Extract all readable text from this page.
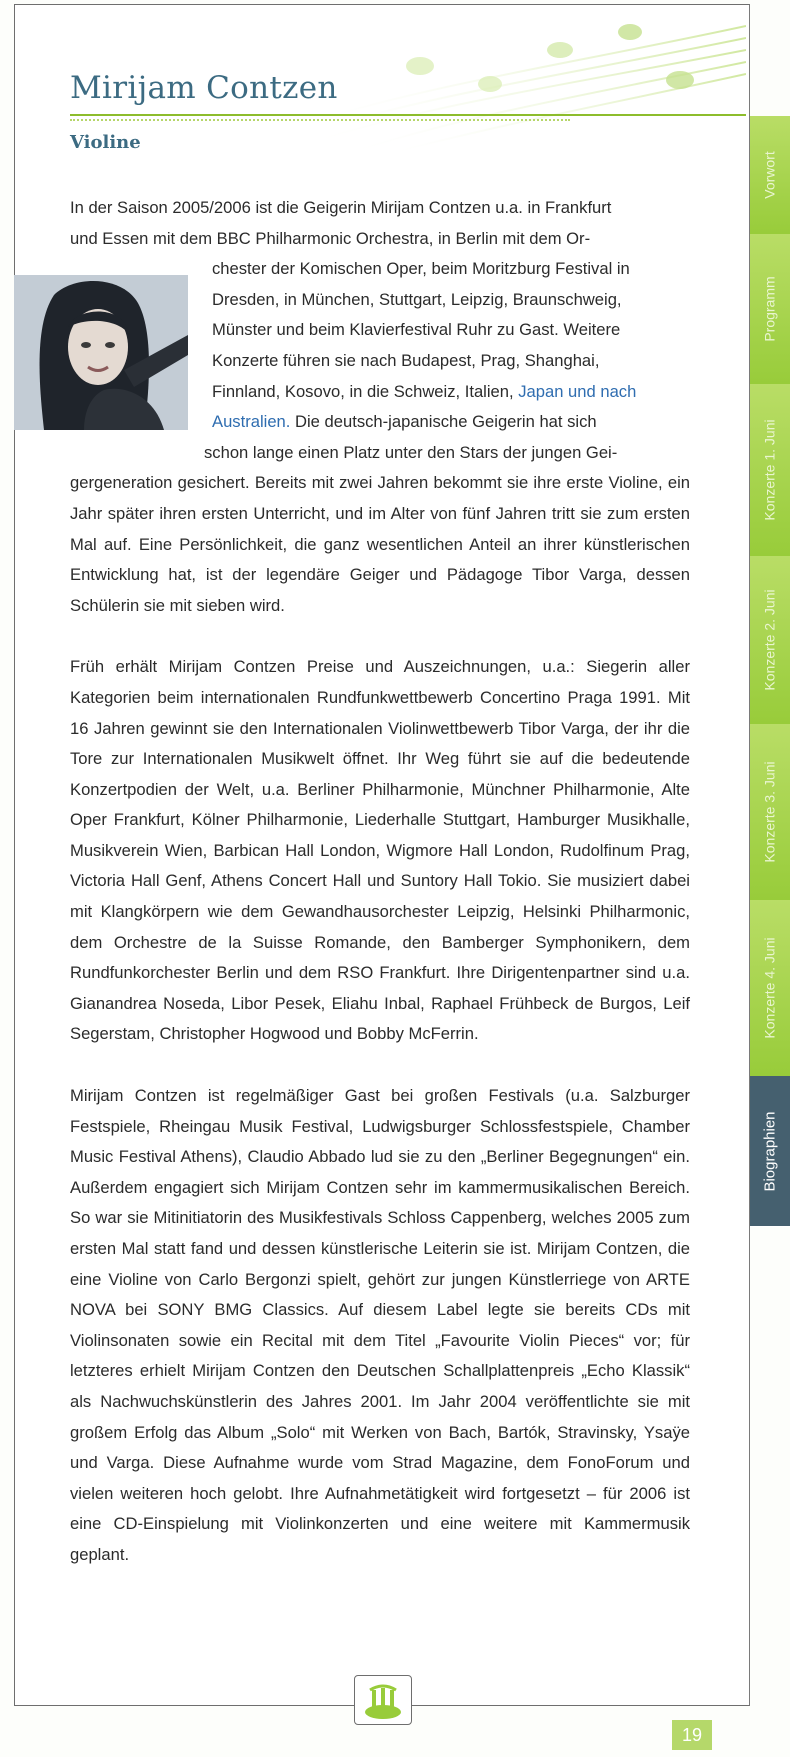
Mirijam Contzen
Violine

In der Saison 2005/2006 ist die Geigerin Mirijam Contzen u.a. in Frankfurt

und Essen mit dem BBC Philharmonic Orchestra, in Berlin mit dem Or-

chester der Komischen Oper, beim Moritzburg Festival in

Dresden, in München, Stuttgart, Leipzig, Braunschweig,

Münster und beim Klavierfestival Ruhr zu Gast. Weitere

Konzerte führen sie nach Budapest, Prag, Shanghai,

Finnland, Kosovo, in die Schweiz, Italien, Japan und nach

Australien. Die deutsch-japanische Geigerin hat sich

schon lange einen Platz unter den Stars der jungen Gei-

gergeneration gesichert. Bereits mit zwei Jahren bekommt sie ihre erste Violine, ein Jahr später ihren ersten Unterricht, und im Alter von fünf Jahren tritt sie zum ersten Mal auf. Eine Persönlichkeit, die ganz wesentlichen Anteil an ihrer künstlerischen Entwicklung hat, ist der legendäre Geiger und Pädagoge Tibor Varga, dessen Schülerin sie mit sieben wird.

Früh erhält Mirijam Contzen Preise und Auszeichnungen, u.a.: Siegerin aller Kategorien beim internationalen Rundfunkwettbewerb Concertino Praga 1991. Mit 16 Jahren gewinnt sie den Internationalen Violinwettbewerb Tibor Varga, der ihr die Tore zur Internationalen Musikwelt öffnet. Ihr Weg führt sie auf die bedeutende Konzertpodien der Welt, u.a. Berliner Philharmonie, Münchner Philharmonie, Alte Oper Frankfurt, Kölner Philharmonie, Liederhalle Stuttgart, Hamburger Musikhalle, Musikverein Wien, Barbican Hall London, Wigmore Hall London, Rudolfinum Prag, Victoria Hall Genf, Athens Concert Hall und Suntory Hall Tokio. Sie musiziert dabei mit Klangkörpern wie dem Gewandhausorchester Leipzig, Helsinki Philharmonic, dem Orchestre de la Suisse Romande, den Bamberger Symphonikern, dem Rundfunkorchester Berlin und dem RSO Frankfurt. Ihre Dirigentenpartner sind u.a. Gianandrea Noseda, Libor Pesek, Eliahu Inbal, Raphael Frühbeck de Burgos, Leif Segerstam, Christopher Hogwood und Bobby McFerrin.

Mirijam Contzen ist regelmäßiger Gast bei großen Festivals (u.a. Salzburger Festspiele, Rheingau Musik Festival, Ludwigsburger Schlossfestspiele, Chamber Music Festival Athens), Claudio Abbado lud sie zu den „Berliner Begegnungen“ ein. Außerdem engagiert sich Mirijam Contzen sehr im kammermusikalischen Bereich. So war sie Mitinitiatorin des Musikfestivals Schloss Cappenberg, welches 2005 zum ersten Mal statt fand und dessen künstlerische Leiterin sie ist. Mirijam Contzen, die eine Violine von Carlo Bergonzi spielt, gehört zur jungen Künstlerriege von ARTE NOVA bei SONY BMG Classics. Auf diesem Label legte sie bereits CDs mit Violinsonaten sowie ein Recital mit dem Titel „Favourite Violin Pieces“ vor; für letzteres erhielt Mirijam Contzen den Deutschen Schallplattenpreis „Echo Klassik“ als Nachwuchskünstlerin des Jahres 2001. Im Jahr 2004 veröffentlichte sie mit großem Erfolg das Album „Solo“ mit Werken von Bach, Bartók, Stravinsky, Ysaÿe und Varga. Diese Aufnahme wurde vom Strad Magazine, dem FonoForum und vielen weiteren hoch gelobt. Ihre Aufnahmetätigkeit wird fortgesetzt – für 2006 ist eine CD-Einspielung mit Violinkonzerten und eine weitere mit Kammermusik geplant.

Vorwort
Programm
Konzerte 1. Juni
Konzerte 2. Juni
Konzerte 3. Juni
Konzerte 4. Juni
Biographien
19
